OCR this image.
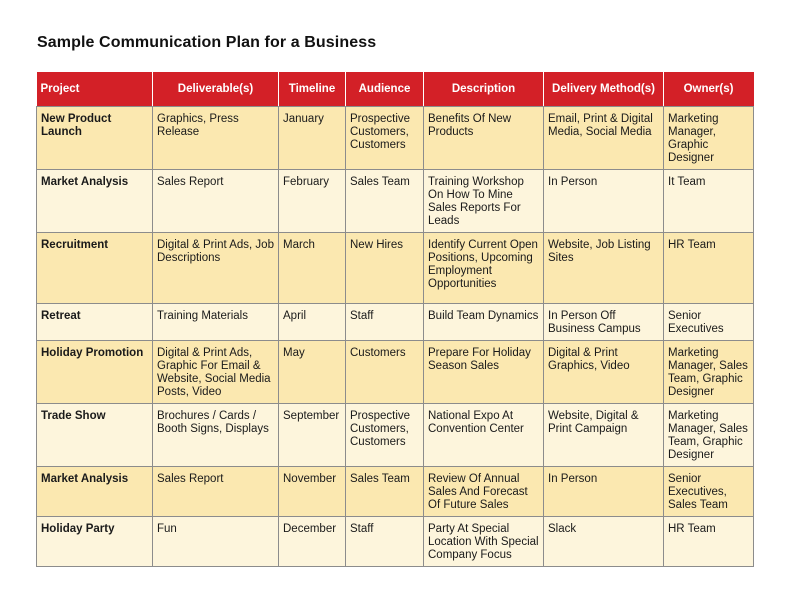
Sample Communication Plan for a Business
Project	Deliverable(s)	Timeline	Audience	Description	Delivery Method(s)	Owner(s)
New Product Launch	Graphics, Press Release	January	Prospective Customers, Customers	Benefits Of New Products	Email, Print & Digital Media, Social Media	Marketing Manager, Graphic Designer
Market Analysis	Sales Report	February	Sales Team	Training Workshop On How To Mine Sales Reports For Leads	In Person	It Team
Recruitment	Digital & Print Ads, Job Descriptions	March	New Hires	Identify Current Open Positions, Upcoming Employment Opportunities	Website, Job Listing Sites	HR Team
Retreat	Training Materials	April	Staff	Build Team Dynamics	In Person Off Business Campus	Senior Executives
Holiday Promotion	Digital & Print Ads, Graphic For Email & Website, Social Media Posts, Video	May	Customers	Prepare For Holiday Season Sales	Digital & Print Graphics, Video	Marketing Manager, Sales Team, Graphic Designer
Trade Show	Brochures / Cards / Booth Signs, Displays	September	Prospective Customers, Customers	National Expo At Convention Center	Website, Digital & Print Campaign	Marketing Manager, Sales Team, Graphic Designer
Market Analysis	Sales Report	November	Sales Team	Review Of Annual Sales And Forecast Of Future Sales	In Person	Senior Executives, Sales Team
Holiday Party	Fun	December	Staff	Party At Special Location With Special Company Focus	Slack	HR Team
